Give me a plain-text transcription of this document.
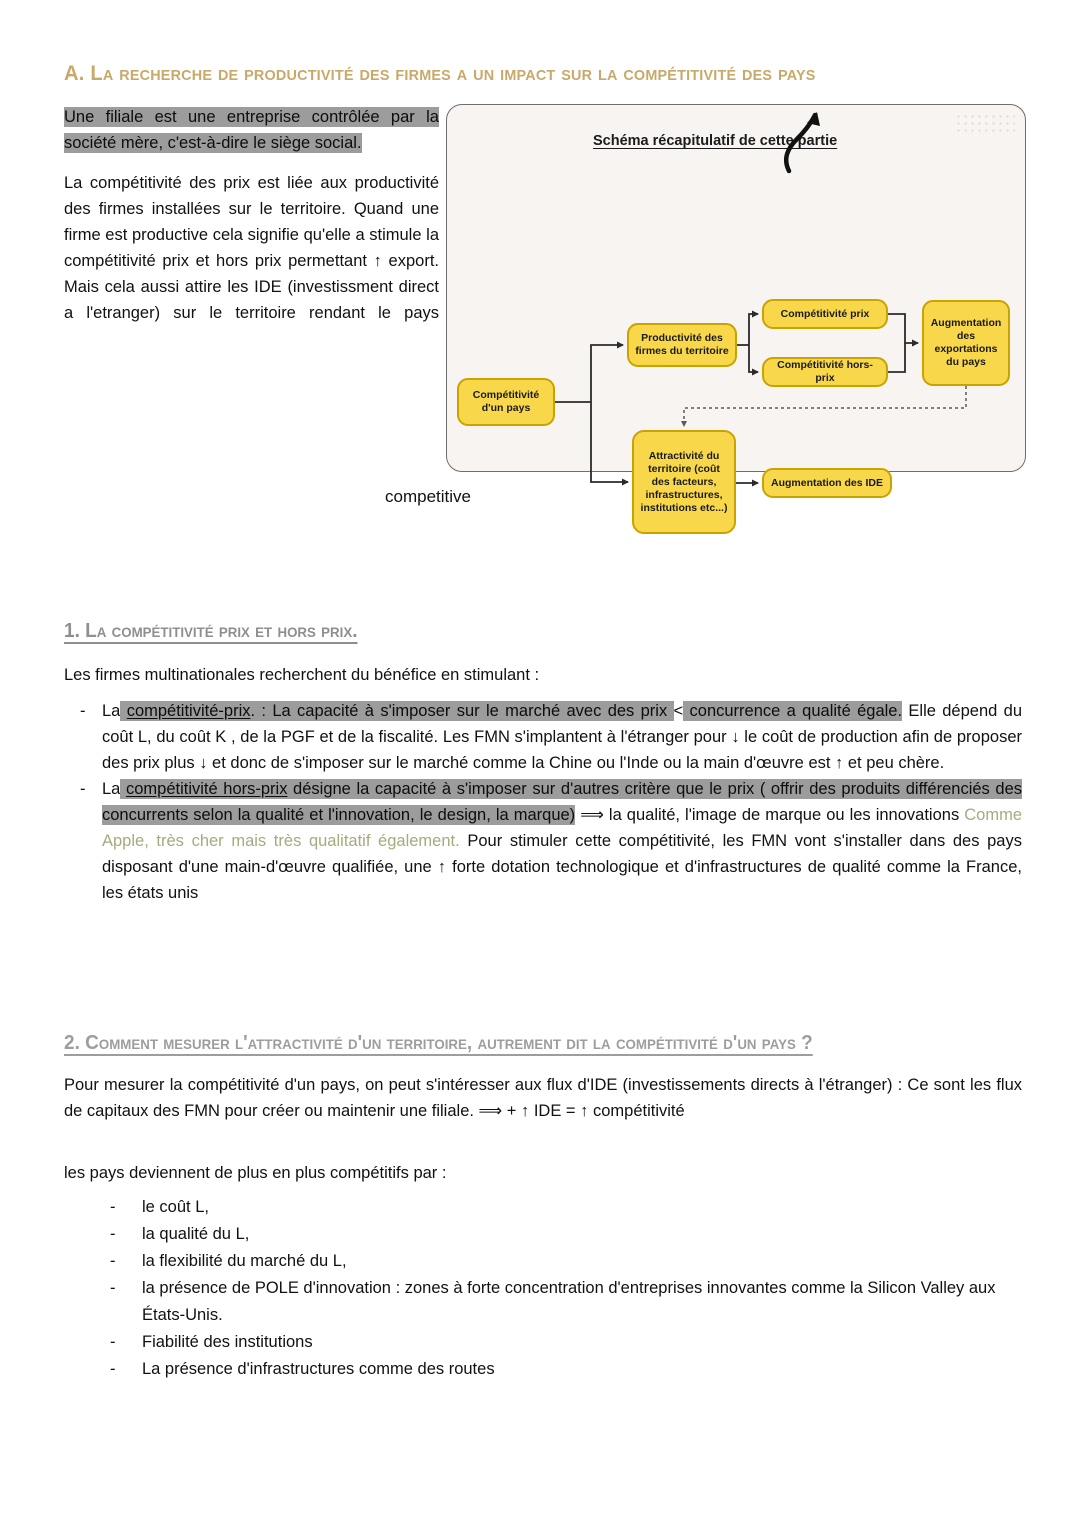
A. La recherche de productivité des firmes a un impact sur la compétitivité des pays

Une filiale est une entreprise contrôlée par la société mère, c'est-à-dire le siège social.

La compétitivité des prix est liée aux productivité des firmes installées sur le territoire. Quand une firme est productive cela signifie qu'elle a stimule la compétitivité prix et hors prix permettant ↑ export. Mais cela aussi attire les IDE (investissment direct a l'etranger) sur le territoire rendant le pays

competitive
Schéma récapitulatif de cette partie
Compétitivité d'un pays
Productivité des firmes du territoire
Compétitivité prix
Compétitivité hors-prix
Augmentation des exportations du pays
Attractivité du territoire (coût des facteurs, infrastructures, institutions etc...)
Augmentation des IDE
1. La compétitivité prix et hors prix.

Les firmes multinationales recherchent du bénéfice en stimulant :

- La compétitivité-prix. : La capacité à s'imposer sur le marché avec des prix < concurrence a qualité égale. Elle dépend du coût L, du coût K , de la PGF et de la fiscalité. Les FMN s'implantent à l'étranger pour ↓ le coût de production afin de proposer des prix plus ↓ et donc de s'imposer sur le marché comme la Chine ou l'Inde ou la main d'œuvre est ↑ et peu chère.
- La compétitivité hors-prix désigne la capacité à s'imposer sur d'autres critère que le prix ( offrir des produits différenciés des concurrents selon la qualité et l'innovation, le design, la marque) ⟹ la qualité, l'image de marque ou les innovations Comme Apple, très cher mais très qualitatif également. Pour stimuler cette compétitivité, les FMN vont s'installer dans des pays disposant d'une main-d'œuvre qualifiée, une ↑ forte dotation technologique et d'infrastructures de qualité comme la France, les états unis
2. Comment mesurer l'attractivité d'un territoire, autrement dit la compétitivité d'un pays ?

Pour mesurer la compétitivité d'un pays, on peut s'intéresser aux flux d'IDE (investissements directs à l'étranger) : Ce sont les flux de capitaux des FMN pour créer ou maintenir une filiale. ⟹ + ↑ IDE = ↑ compétitivité

les pays deviennent de plus en plus compétitifs par :
- le coût L,
- la qualité du L,
- la flexibilité du marché du L,
- la présence de POLE d'innovation : zones à forte concentration d'entreprises innovantes comme la Silicon Valley aux États-Unis.
- Fiabilité des institutions
- La présence d'infrastructures comme des routes
